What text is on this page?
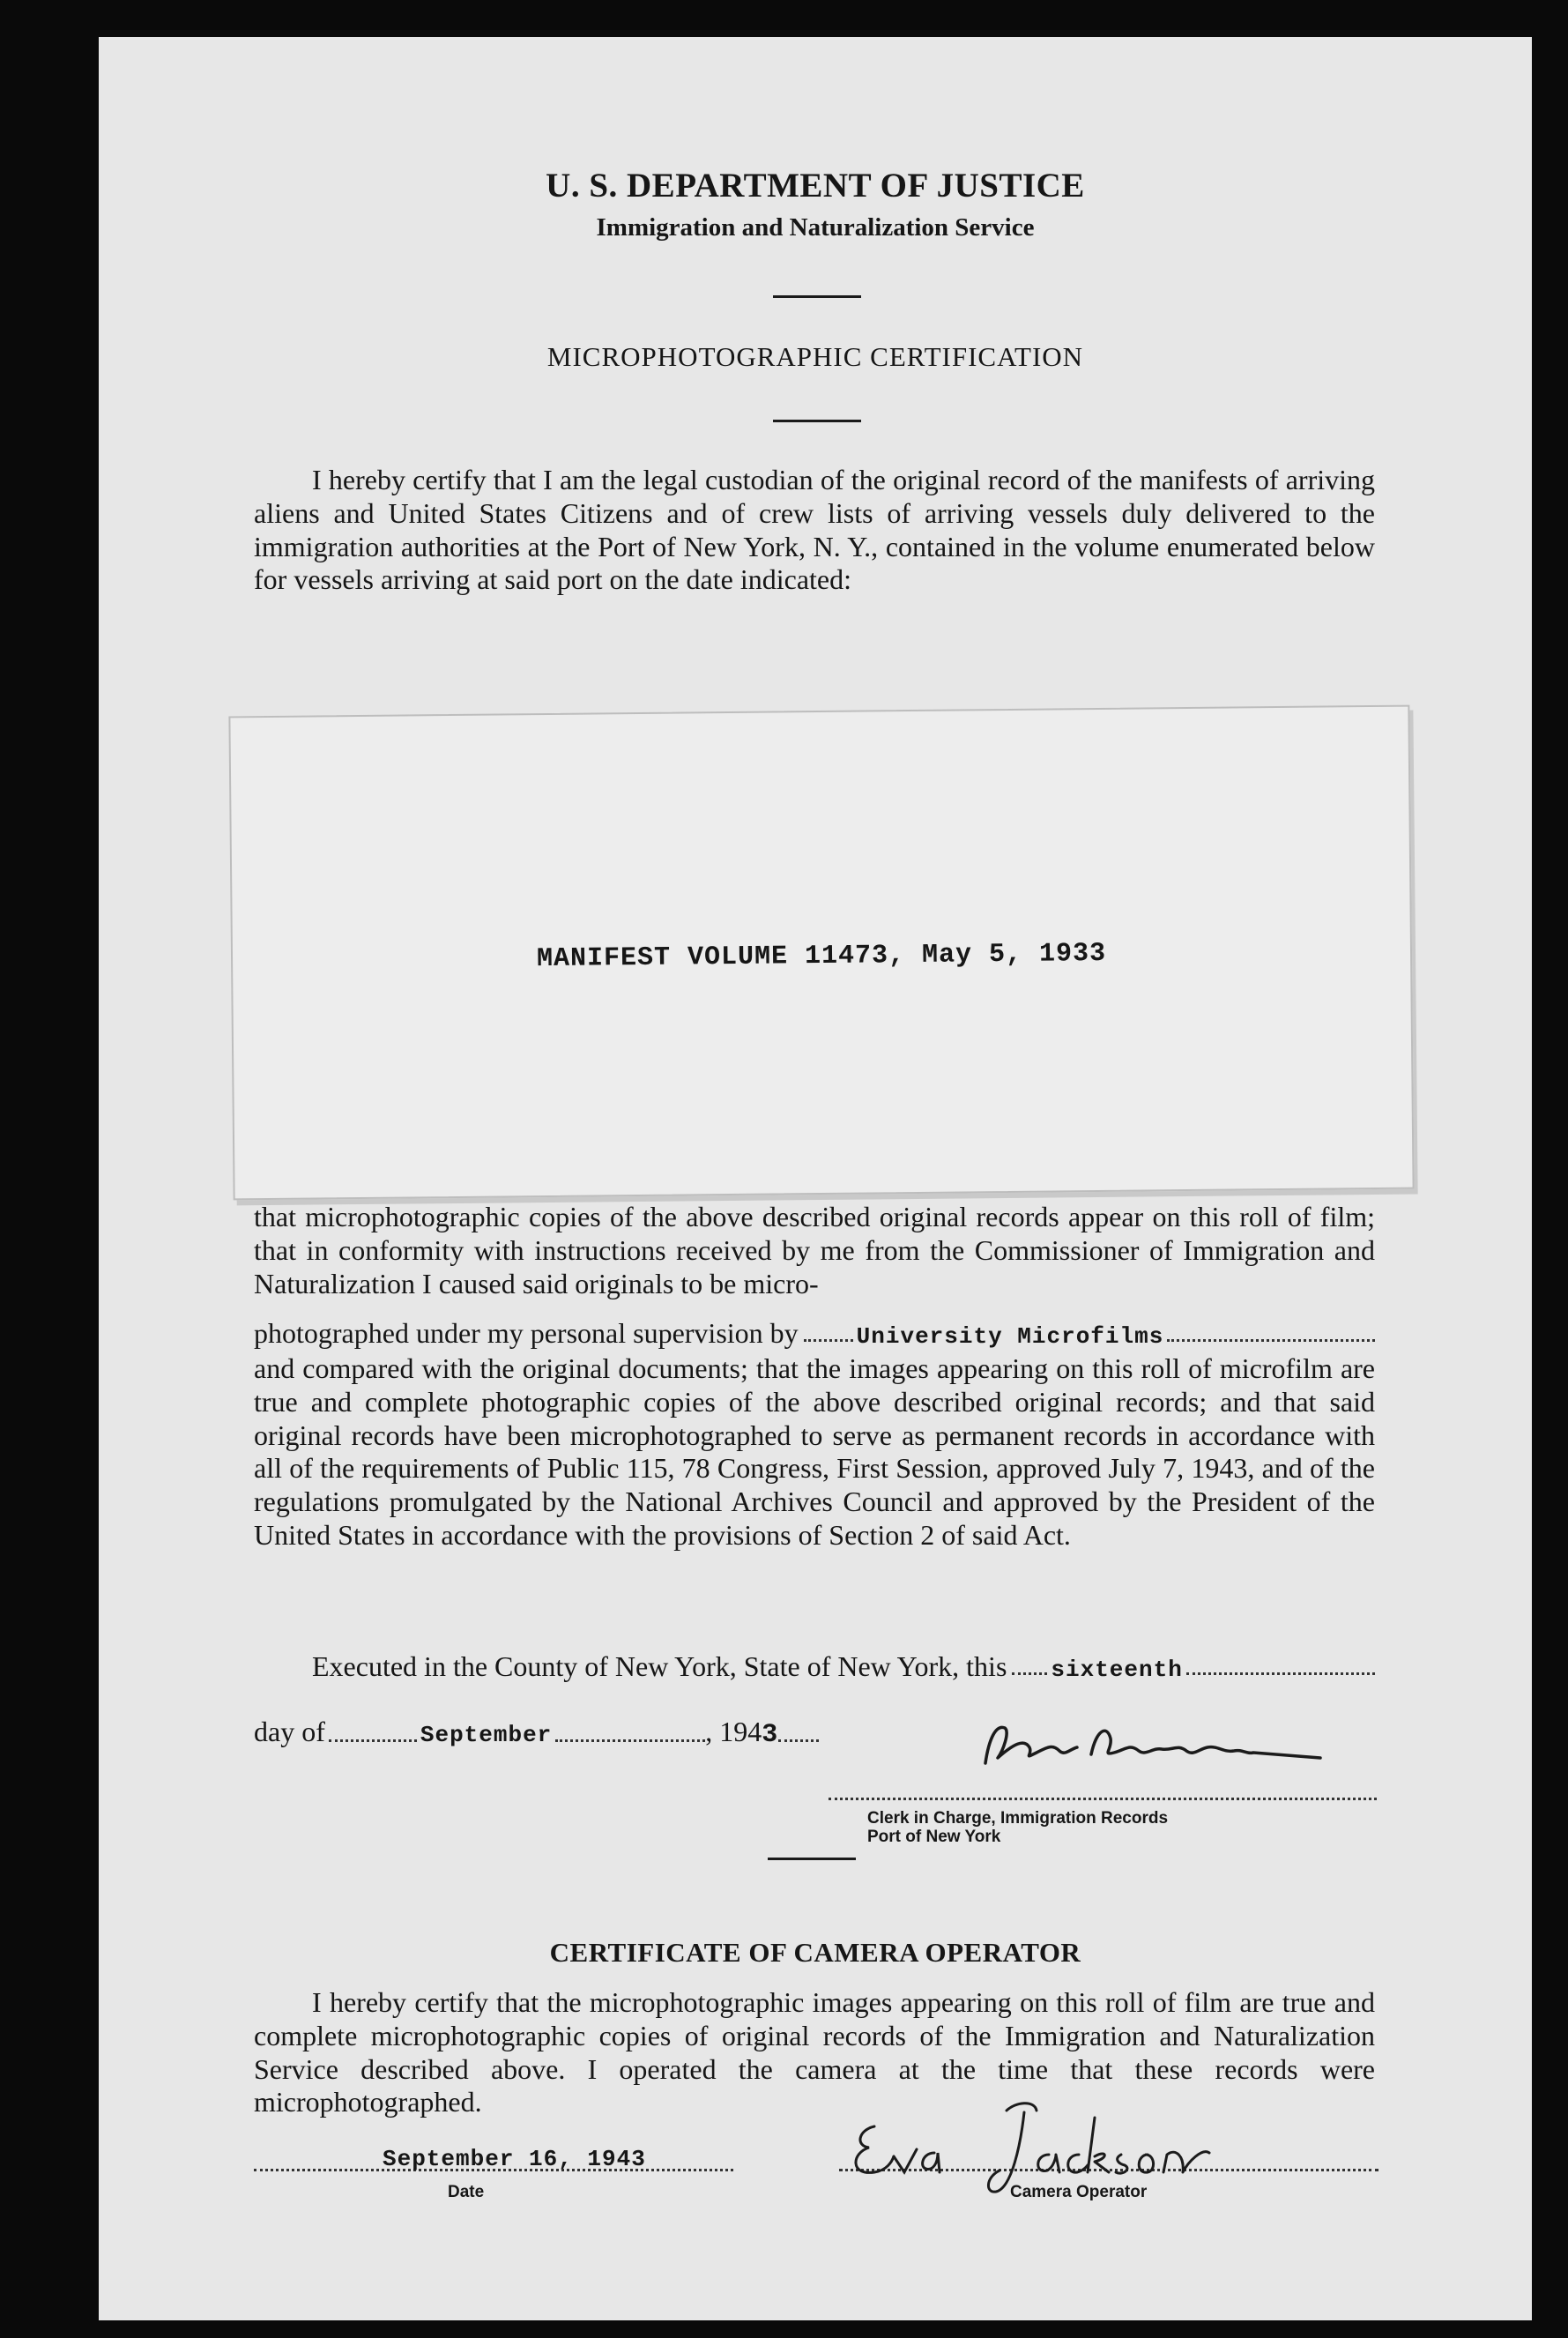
U. S. DEPARTMENT OF JUSTICE
Immigration and Naturalization Service
MICROPHOTOGRAPHIC CERTIFICATION
I hereby certify that I am the legal custodian of the original record of the manifests of arriving aliens and United States Citizens and of crew lists of arriving vessels duly delivered to the immigration authorities at the Port of New York, N. Y., contained in the volume enumerated below for vessels arriving at said port on the date indicated:
MANIFEST VOLUME 11473, May 5, 1933
that microphotographic copies of the above described original records appear on this roll of film; that in conformity with instructions received by me from the Commissioner of Immigration and Naturalization I caused said originals to be micro-
photographed under my personal supervision by	University Microfilms
and compared with the original documents; that the images appearing on this roll of microfilm are true and complete photographic copies of the above described original records; and that said original records have been microphotographed to serve as permanent records in accordance with all of the requirements of Public 115, 78 Congress, First Session, approved July 7, 1943, and of the regulations promulgated by the National Archives Council and approved by the President of the United States in accordance with the provisions of Section 2 of said Act.
Executed in the County of New York, State of New York, this sixteenth
day of	September	, 194 3
Clerk in Charge, Immigration Records
Port of New York
CERTIFICATE OF CAMERA OPERATOR
I hereby certify that the microphotographic images appearing on this roll of film are true and complete microphotographic copies of original records of the Immigration and Naturalization Service described above. I operated the camera at the time that these records were microphotographed.
September 16, 1943
Date	Camera Operator
